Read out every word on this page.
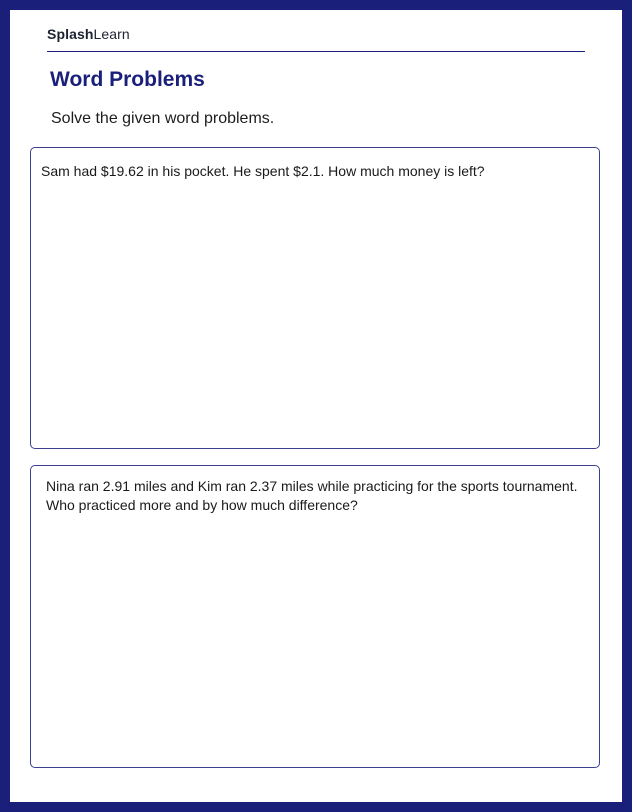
SplashLearn
Word Problems

Solve the given word problems.

Sam had $19.62 in his pocket. He spent $2.1. How much money is left?

Nina ran 2.91 miles and Kim ran 2.37 miles while practicing for the sports tournament. Who practiced more and by how much difference?
